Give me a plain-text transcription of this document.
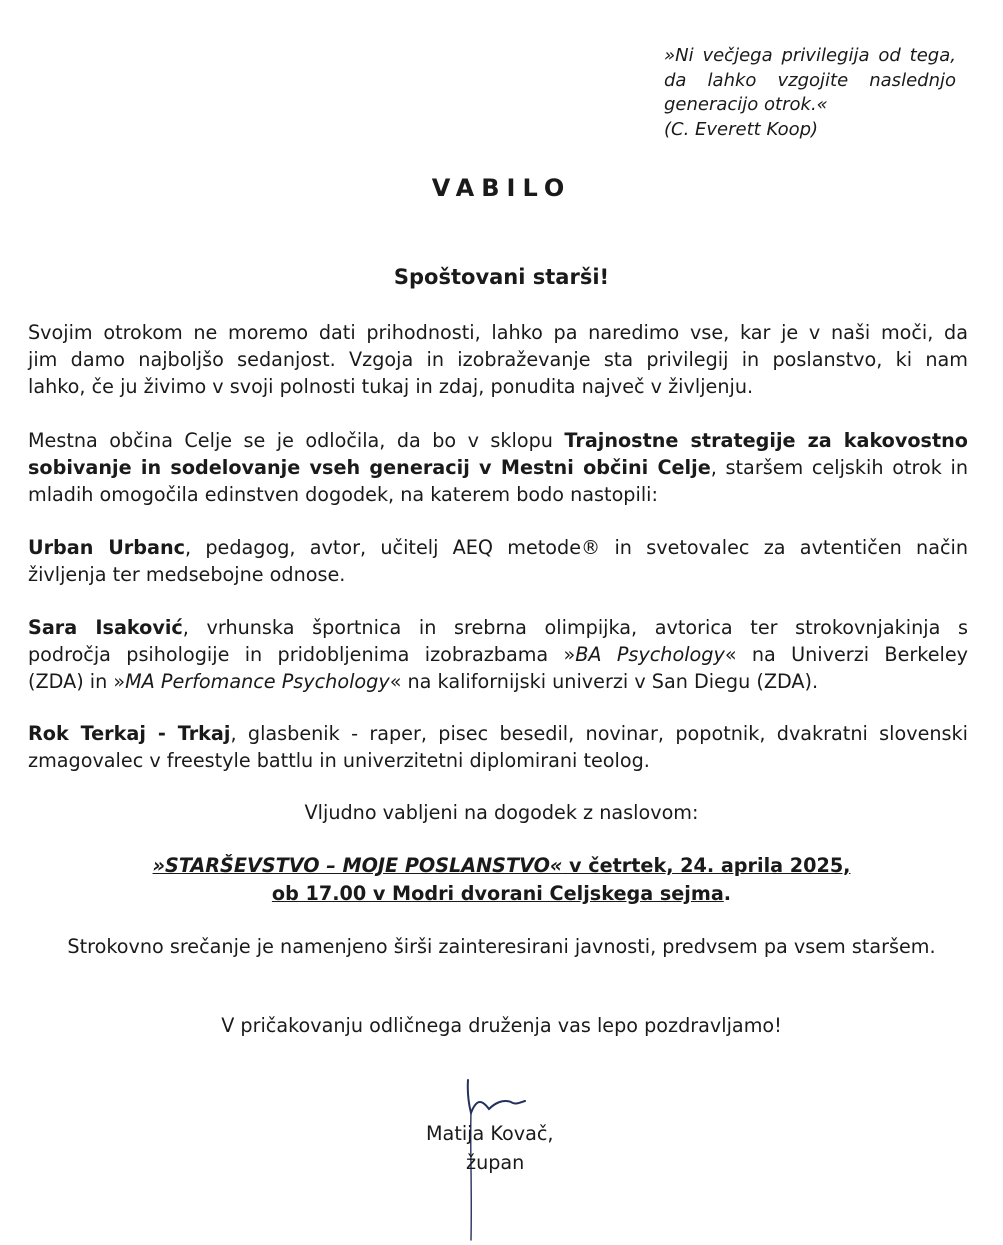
»Ni večjega privilegija od tega,
da lahko vzgojite naslednjo
generacijo otrok.«
(C. Everett Koop)
VABILO
Spoštovani starši!
Svojim otrokom ne moremo dati prihodnosti, lahko pa naredimo vse, kar je v naši moči, da
jim damo najboljšo sedanjost. Vzgoja in izobraževanje sta privilegij in poslanstvo, ki nam
lahko, če ju živimo v svoji polnosti tukaj in zdaj, ponudita največ v življenju.
Mestna občina Celje se je odločila, da bo v sklopu Trajnostne strategije za kakovostno
sobivanje in sodelovanje vseh generacij v Mestni občini Celje, staršem celjskih otrok in
mladih omogočila edinstven dogodek, na katerem bodo nastopili:
Urban Urbanc, pedagog, avtor, učitelj AEQ metode® in svetovalec za avtentičen način
življenja ter medsebojne odnose.
Sara Isaković, vrhunska športnica in srebrna olimpijka, avtorica ter strokovnjakinja s
področja psihologije in pridobljenima izobrazbama »BA Psychology« na Univerzi Berkeley
(ZDA) in »MA Perfomance Psychology« na kalifornijski univerzi v San Diegu (ZDA).
Rok Terkaj - Trkaj, glasbenik - raper, pisec besedil, novinar, popotnik, dvakratni slovenski
zmagovalec v freestyle battlu in univerzitetni diplomirani teolog.
Vljudno vabljeni na dogodek z naslovom:
»STARŠEVSTVO – MOJE POSLANSTVO« v četrtek, 24. aprila 2025,
ob 17.00 v Modri dvorani Celjskega sejma.
Strokovno srečanje je namenjeno širši zainteresirani javnosti, predvsem pa vsem staršem.
V pričakovanju odličnega druženja vas lepo pozdravljamo!
Matija Kovač,
župan
